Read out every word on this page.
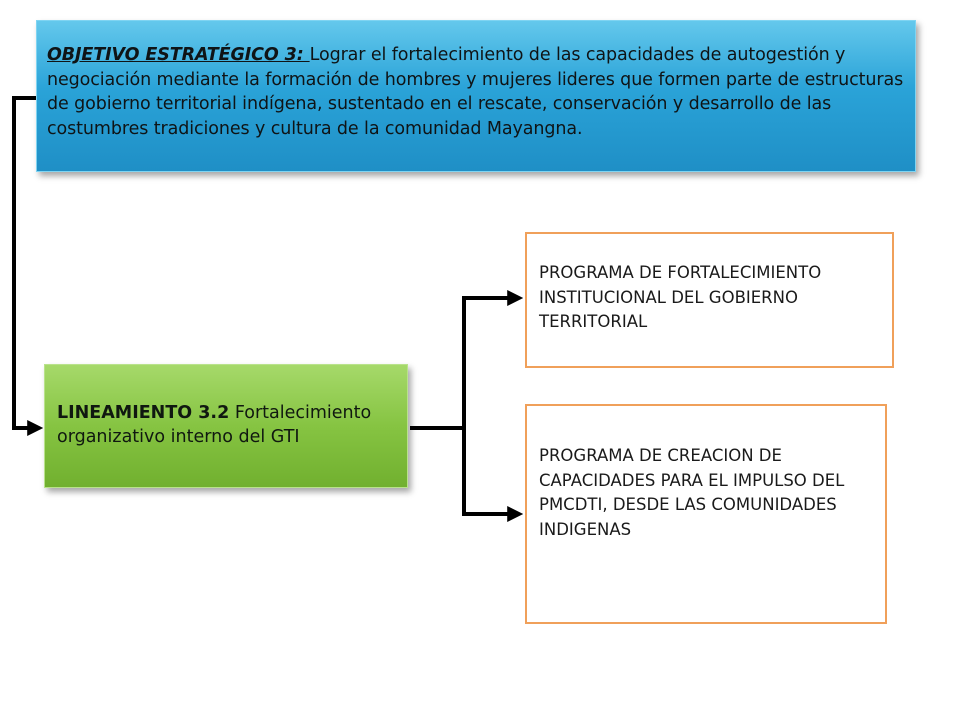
OBJETIVO ESTRATÉGICO 3: Lograr el fortalecimiento de las capacidades de autogestión y negociación mediante la formación de hombres y mujeres lideres que formen parte de estructuras de gobierno territorial indígena, sustentado en el rescate, conservación y desarrollo de las costumbres tradiciones y cultura de la comunidad Mayangna.
LINEAMIENTO 3.2 Fortalecimiento organizativo interno del GTI
PROGRAMA DE FORTALECIMIENTO INSTITUCIONAL DEL GOBIERNO TERRITORIAL
PROGRAMA DE CREACION DE CAPACIDADES PARA EL IMPULSO DEL PMCDTI, DESDE LAS COMUNIDADES INDIGENAS
